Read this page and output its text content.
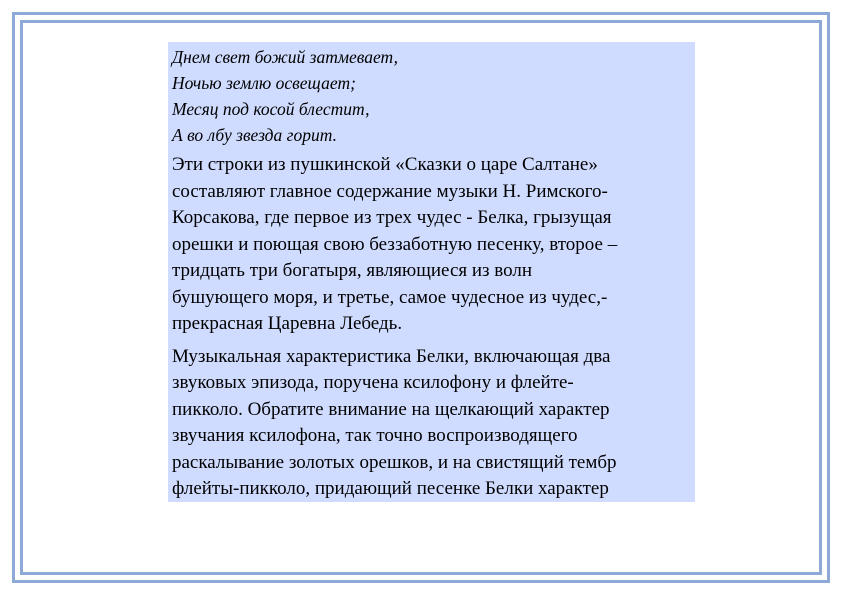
Днем свет божий затмевает,
Ночью землю освещает;
Месяц под косой блестит,
А во лбу звезда горит.

Эти строки из пушкинской «Сказки о царе Салтане»
составляют главное содержание музыки Н. Римского-
Корсакова, где первое из трех чудес - Белка, грызущая
орешки и поющая свою беззаботную песенку, второе –
тридцать три богатыря, являющиеся из волн
бушующего моря, и третье, самое чудесное из чудес,-
прекрасная Царевна Лебедь.

Музыкальная характеристика Белки, включающая два
звуковых эпизода, поручена ксилофону и флейте-
пикколо. Обратите внимание на щелкающий характер
звучания ксилофона, так точно воспроизводящего
раскалывание золотых орешков, и на свистящий тембр
флейты-пикколо, придающий песенке Белки характер
